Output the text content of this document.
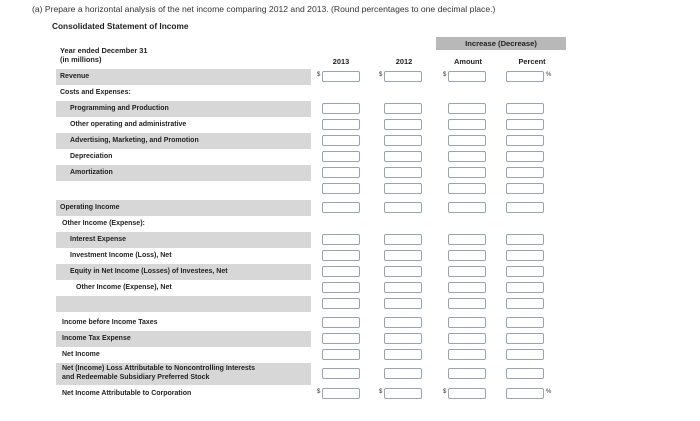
(a) Prepare a horizontal analysis of the net income comparing 2012 and 2013. (Round percentages to one decimal place.)
Consolidated Statement of Income
Increase (Decrease)
Year ended December 31
(in millions)	2013	2012	Amount	Percent
Revenue	$	$	$	%
Costs and Expenses:
Programming and Production
Other operating and administrative
Advertising, Marketing, and Promotion
Depreciation
Amortization
Operating Income
Other Income (Expense):
Interest Expense
Investment Income (Loss), Net
Equity in Net Income (Losses) of Investees, Net
Other Income (Expense), Net
Income before Income Taxes
Income Tax Expense
Net Income
Net (Income) Loss Attributable to Noncontrolling Interests
and Redeemable Subsidiary Preferred Stock
Net Income Attributable to Corporation	$	$	$	%
